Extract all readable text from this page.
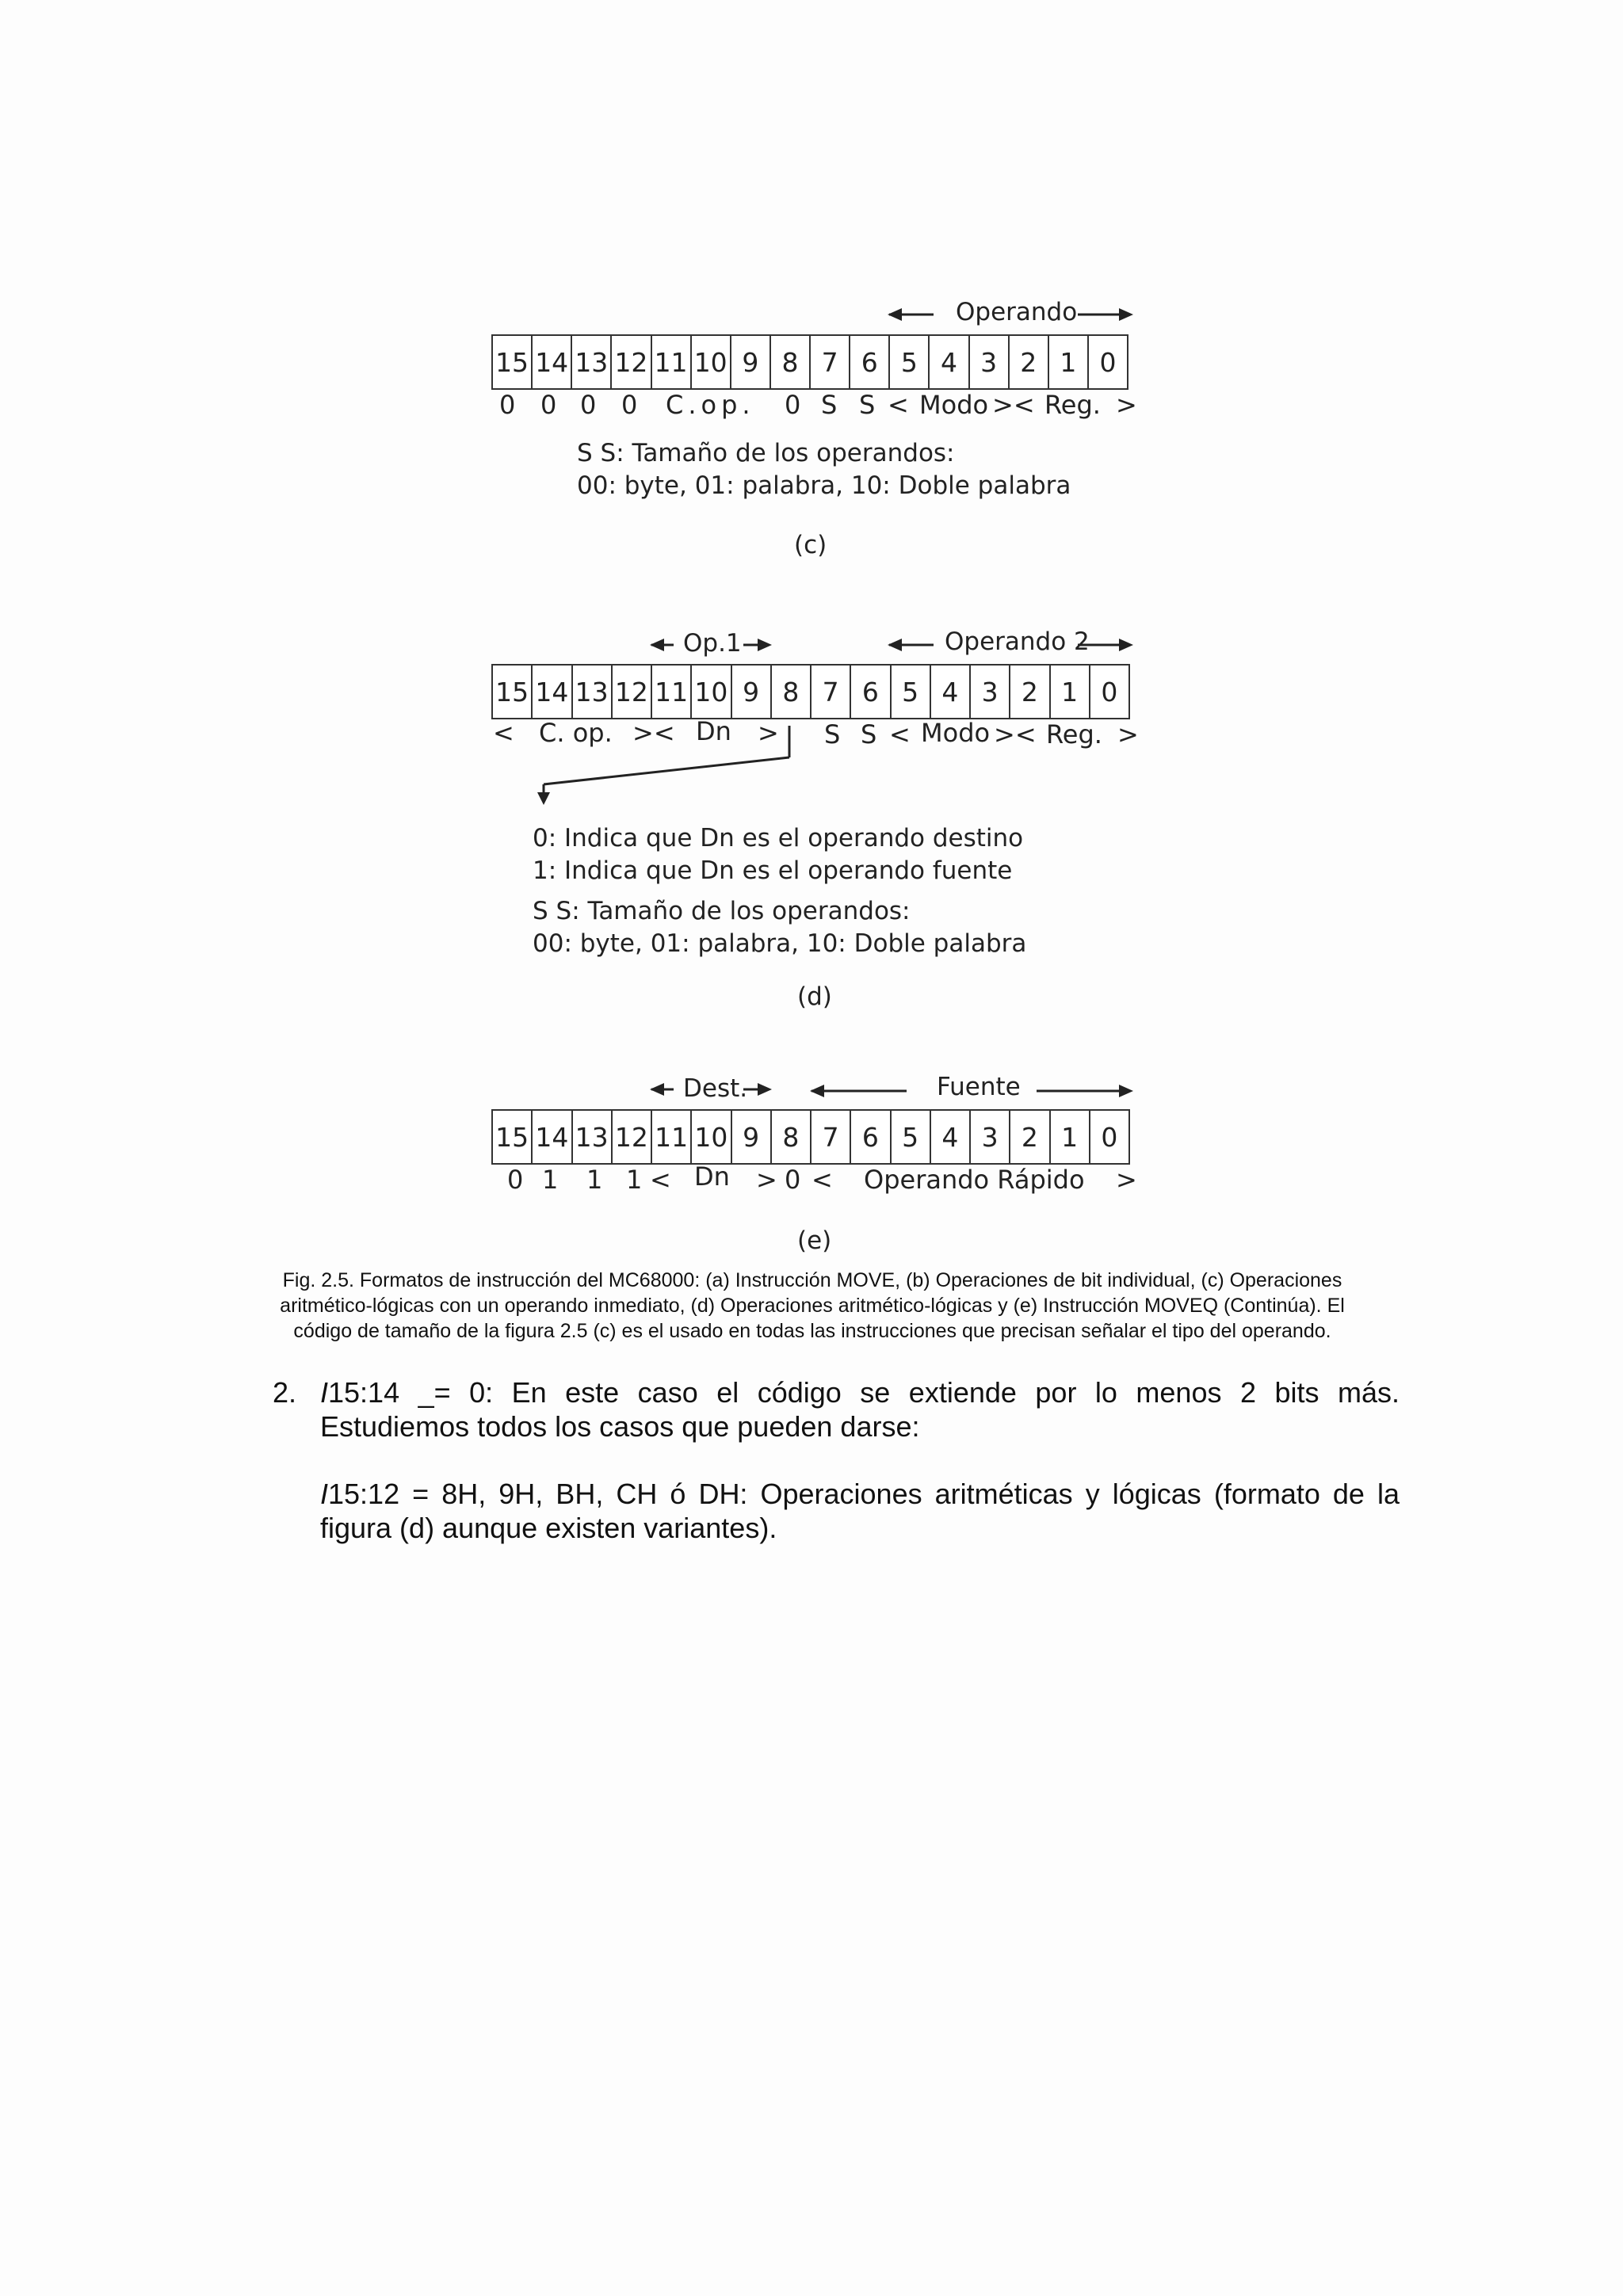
Operando
15 14 13 12 11 10 9 8 7 6 5 4 3 2 1 0
0 0 0 0 C.op. 0 S S < Modo >< Reg. >
S S: Tamaño de los operandos:
00: byte, 01: palabra, 10: Doble palabra
(c)
Op.1	Operando 2
15 14 13 12 11 10 9 8 7 6 5 4 3 2 1 0
< C. op. >< Dn > S S < Modo >< Reg. >
0: Indica que Dn es el operando destino
1: Indica que Dn es el operando fuente
S S: Tamaño de los operandos:
00: byte, 01: palabra, 10: Doble palabra
(d)
Dest.	Fuente
15 14 13 12 11 10 9 8 7 6 5 4 3 2 1 0
0 1 1 1 < Dn > 0 < Operando Rápido >
(e)
Fig. 2.5. Formatos de instrucción del MC68000: (a) Instrucción MOVE, (b) Operaciones de bit individual, (c) Operaciones
aritmético-lógicas con un operando inmediato, (d) Operaciones aritmético-lógicas y (e) Instrucción MOVEQ (Continúa). El
código de tamaño de la figura 2.5 (c) es el usado en todas las instrucciones que precisan señalar el tipo del operando.
2. I15:14 _= 0: En este caso el código se extiende por lo menos 2 bits más.
Estudiemos todos los casos que pueden darse:
I15:12 = 8H, 9H, BH, CH ó DH: Operaciones aritméticas y lógicas (formato de la
figura (d) aunque existen variantes).
